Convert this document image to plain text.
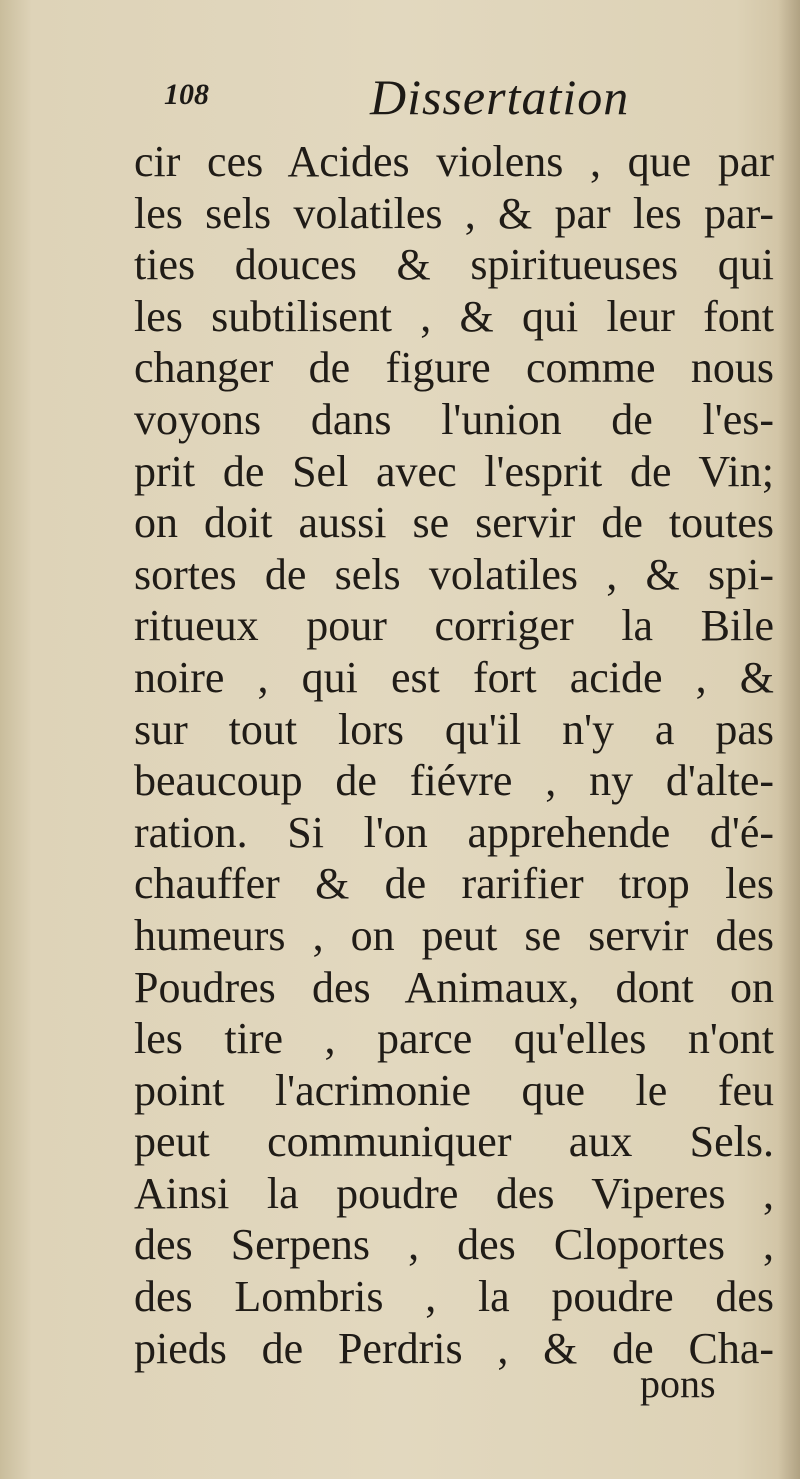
108	Dissertation
cir ces Acides violens , que par
les sels volatiles , & par les par-
ties douces & spiritueuses qui
les subtilisent , & qui leur font
changer de figure comme nous
voyons dans l'union de l'es-
prit de Sel avec l'esprit de Vin;
on doit aussi se servir de toutes
sortes de sels volatiles , & spi-
ritueux pour corriger la Bile
noire , qui est fort acide , &
sur tout lors qu'il n'y a pas
beaucoup de fiévre , ny d'alte-
ration. Si l'on apprehende d'é-
chauffer & de rarifier trop les
humeurs , on peut se servir des
Poudres des Animaux, dont on
les tire , parce qu'elles n'ont
point l'acrimonie que le feu
peut communiquer aux Sels.
Ainsi la poudre des Viperes ,
des Serpens , des Cloportes ,
des Lombris , la poudre des
pieds de Perdris , & de Cha-
pons
